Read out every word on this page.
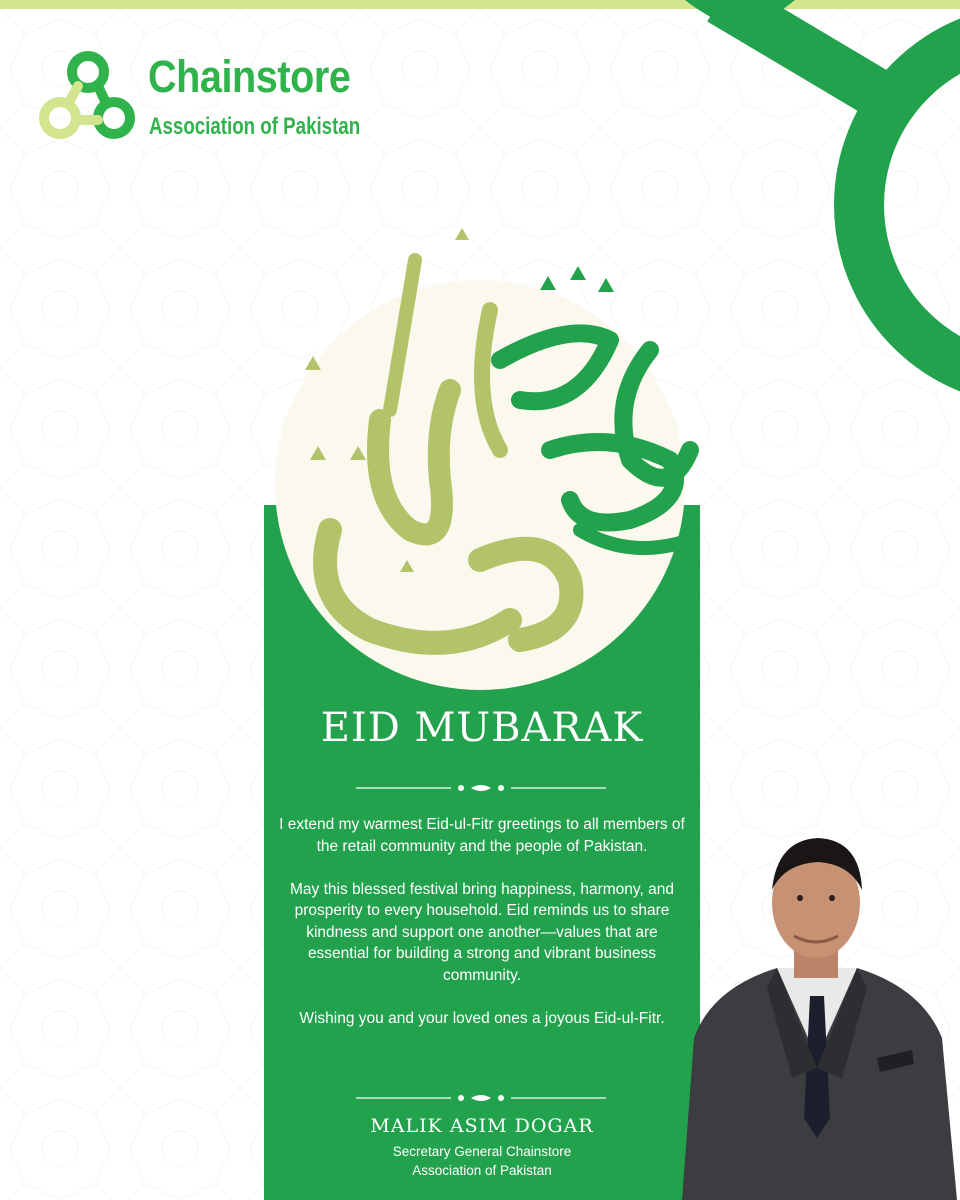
Chainstore
Association of Pakistan
EID MUBARAK

I extend my warmest Eid-ul-Fitr greetings to all members of the retail community and the people of Pakistan.

May this blessed festival bring happiness, harmony, and prosperity to every household. Eid reminds us to share kindness and support one another—values that are essential for building a strong and vibrant business community.

Wishing you and your loved ones a joyous Eid-ul-Fitr.

MALIK ASIM DOGAR
Secretary General Chainstore
Association of Pakistan
